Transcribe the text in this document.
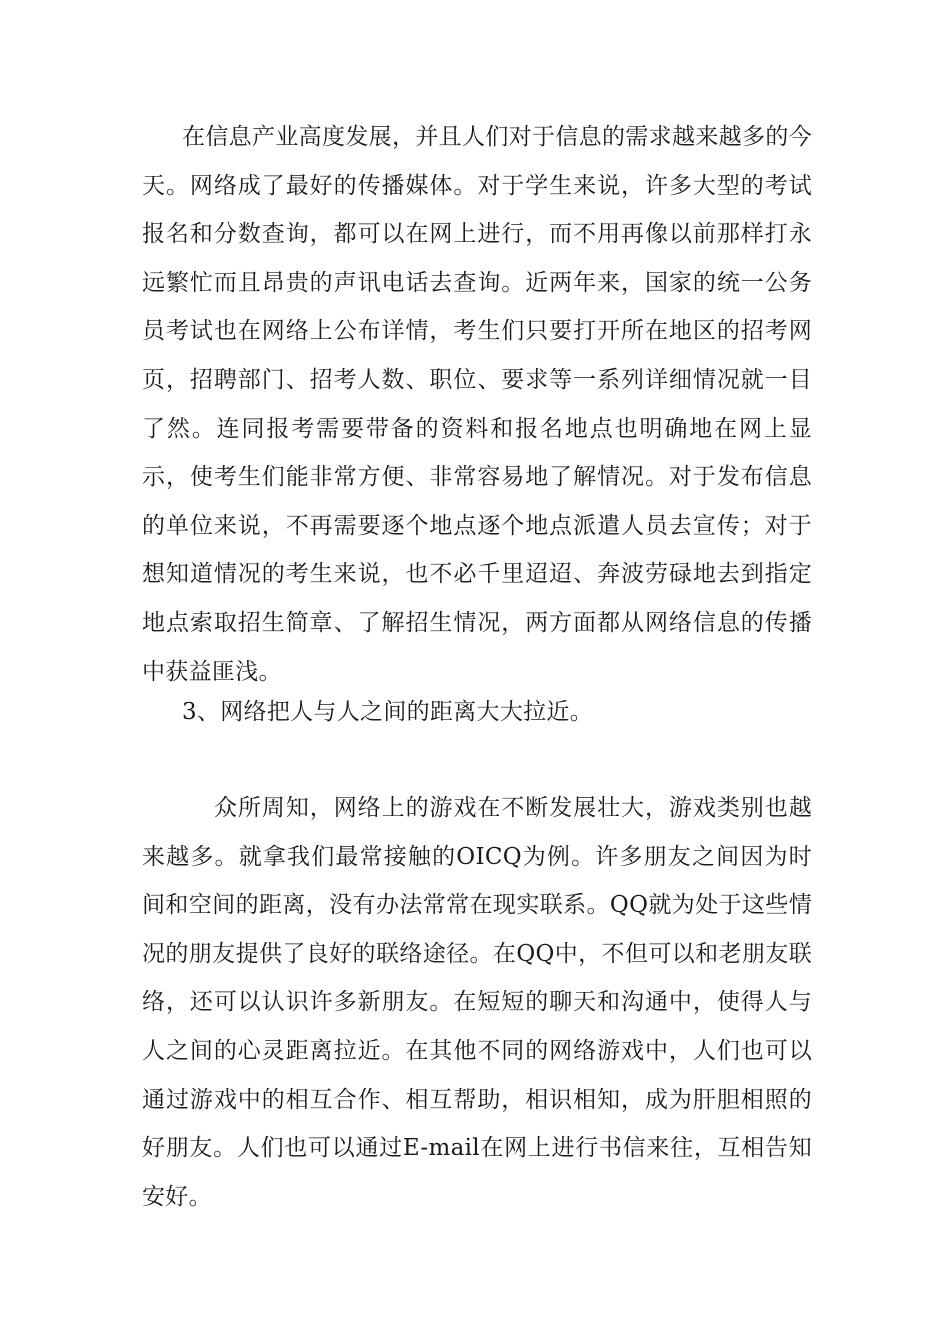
在信息产业高度发展，并且人们对于信息的需求越来越多的今天。网络成了最好的传播媒体。对于学生来说，许多大型的考试报名和分数查询，都可以在网上进行，而不用再像以前那样打永远繁忙而且昂贵的声讯电话去查询。近两年来，国家的统一公务员考试也在网络上公布详情，考生们只要打开所在地区的招考网页，招聘部门、招考人数、职位、要求等一系列详细情况就一目了然。连同报考需要带备的资料和报名地点也明确地在网上显示，使考生们能非常方便、非常容易地了解情况。对于发布信息的单位来说，不再需要逐个地点逐个地点派遣人员去宣传；对于想知道情况的考生来说，也不必千里迢迢、奔波劳碌地去到指定地点索取招生简章、了解招生情况，两方面都从网络信息的传播中获益匪浅。

3、网络把人与人之间的距离大大拉近。

众所周知，网络上的游戏在不断发展壮大，游戏类别也越来越多。就拿我们最常接触的OICQ为例。许多朋友之间因为时间和空间的距离，没有办法常常在现实联系。QQ就为处于这些情况的朋友提供了良好的联络途径。在QQ中，不但可以和老朋友联络，还可以认识许多新朋友。在短短的聊天和沟通中，使得人与人之间的心灵距离拉近。在其他不同的网络游戏中，人们也可以通过游戏中的相互合作、相互帮助，相识相知，成为肝胆相照的好朋友。人们也可以通过E-mail在网上进行书信来往，互相告知安好。
